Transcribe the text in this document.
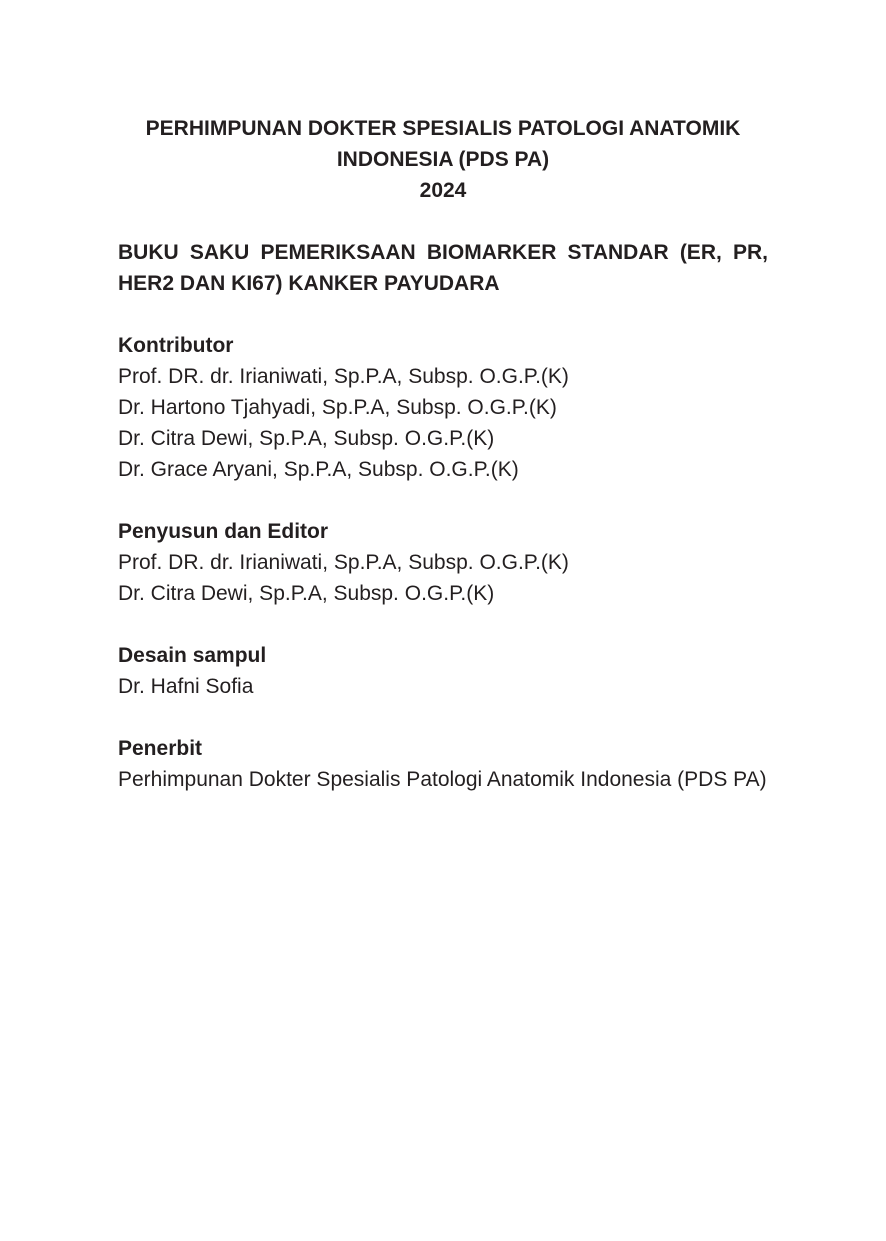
PERHIMPUNAN DOKTER SPESIALIS PATOLOGI ANATOMIK
INDONESIA (PDS PA)
2024
BUKU SAKU PEMERIKSAAN BIOMARKER STANDAR (ER, PR, HER2 DAN KI67) KANKER PAYUDARA
Kontributor
Prof. DR. dr. Irianiwati, Sp.P.A, Subsp. O.G.P.(K)
Dr. Hartono Tjahyadi, Sp.P.A, Subsp. O.G.P.(K)
Dr. Citra Dewi, Sp.P.A, Subsp. O.G.P.(K)
Dr. Grace Aryani, Sp.P.A, Subsp. O.G.P.(K)
Penyusun dan Editor
Prof. DR. dr. Irianiwati, Sp.P.A, Subsp. O.G.P.(K)
Dr. Citra Dewi, Sp.P.A, Subsp. O.G.P.(K)
Desain sampul
Dr. Hafni Sofia
Penerbit
Perhimpunan Dokter Spesialis Patologi Anatomik Indonesia (PDS PA)
